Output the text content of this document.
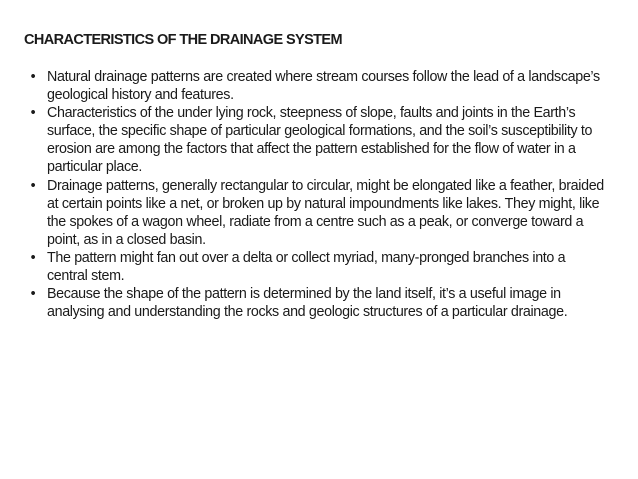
CHARACTERISTICS OF THE DRAINAGE SYSTEM
• Natural drainage patterns are created where stream courses follow the lead of a landscape’s geological history and features.
• Characteristics of the under lying rock, steepness of slope, faults and joints in the Earth’s surface, the specific shape of particular geological formations, and the soil’s susceptibility to erosion are among the factors that affect the pattern established for the flow of water in a particular place.
• Drainage patterns, generally rectangular to circular, might be elongated like a feather, braided at certain points like a net, or broken up by natural impoundments like lakes. They might, like the spokes of a wagon wheel, radiate from a centre such as a peak, or converge toward a point, as in a closed basin.
• The pattern might fan out over a delta or collect myriad, many-pronged branches into a central stem.
• Because the shape of the pattern is determined by the land itself, it’s a useful image in analysing and understanding the rocks and geologic structures of a particular drainage.
